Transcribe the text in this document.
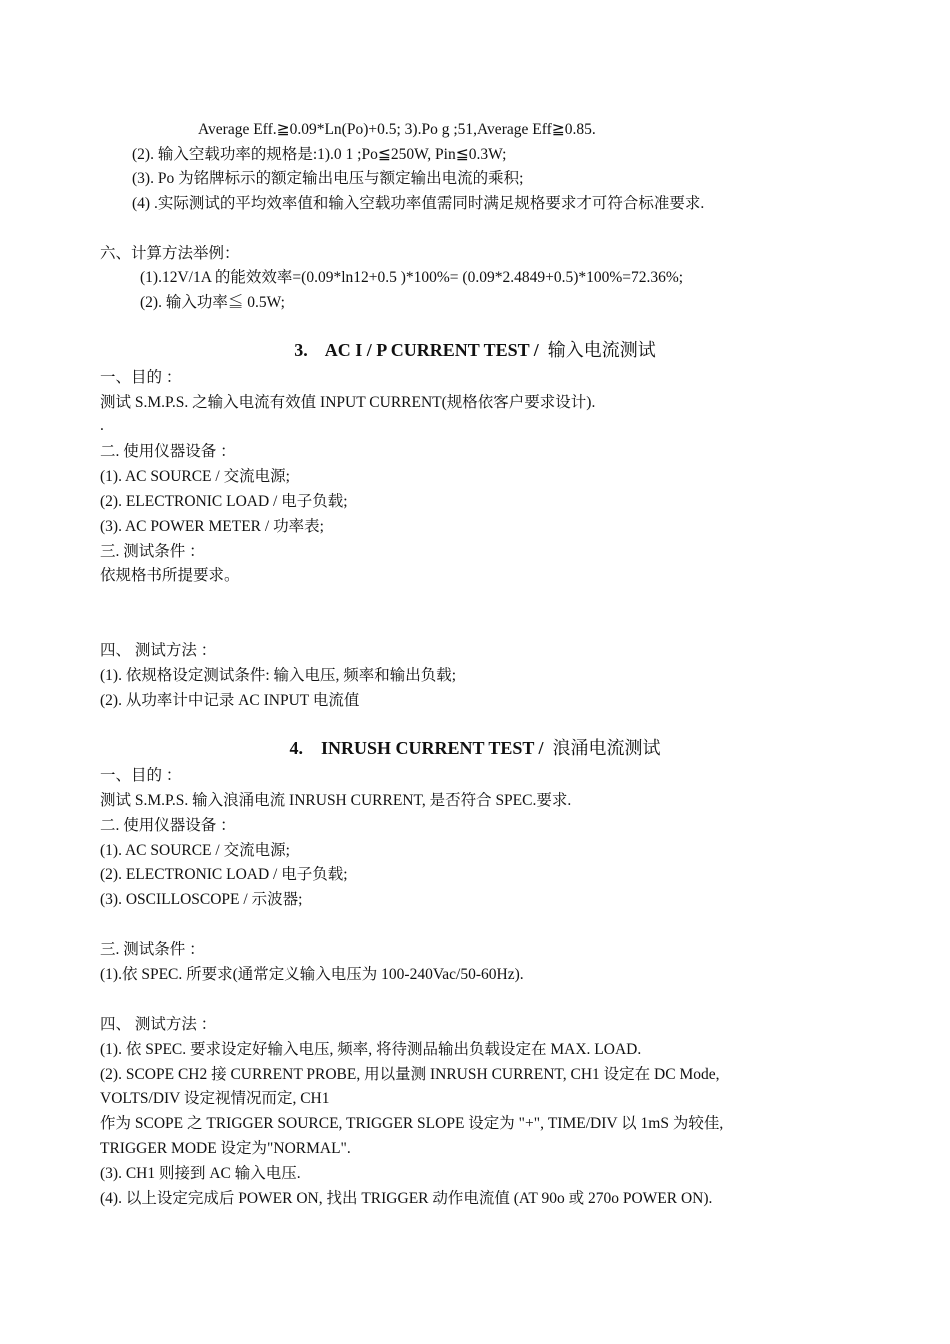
Average Eff.≧0.09*Ln(Po)+0.5; 3).Po g ;51,Average Eff≧0.85.
(2). 输入空载功率的规格是:1).0 1 ;Po≦250W, Pin≦0.3W;
(3). Po 为铭牌标示的额定输出电压与额定输出电流的乘积;
(4) .实际测试的平均效率值和输入空载功率值需同时满足规格要求才可符合标准要求.
六、计算方法举例：
(1).12V/1A 的能效效率=(0.09*ln12+0.5 )*100%= (0.09*2.4849+0.5)*100%=72.36%;
(2). 输入功率≦ 0.5W;
3. AC I / P CURRENT TEST / 输入电流测试
一、目的 ：
测试 S.M.P.S. 之输入电流有效值 INPUT CURRENT(规格依客户要求设计).
.
二. 使用仪器设备 ：
(1). AC SOURCE / 交流电源;
(2). ELECTRONIC LOAD / 电子负载;
(3). AC POWER METER / 功率表;
三. 测试条件 ：
依规格书所提要求。
四、 测试方法 ：
(1). 依规格设定测试条件: 输入电压, 频率和输出负载;
(2). 从功率计中记录 AC INPUT 电流值
4. INRUSH CURRENT TEST / 浪涌电流测试
一、目的 ：
测试 S.M.P.S. 输入浪涌电流 INRUSH CURRENT, 是否符合 SPEC.要求.
二. 使用仪器设备 ：
(1). AC SOURCE / 交流电源;
(2). ELECTRONIC LOAD / 电子负载;
(3). OSCILLOSCOPE / 示波器;
三. 测试条件 ：
(1).依 SPEC. 所要求(通常定义输入电压为 100-240Vac/50-60Hz).
四、 测试方法 ：
(1). 依 SPEC. 要求设定好输入电压, 频率, 将待测品输出负载设定在 MAX. LOAD.
(2). SCOPE CH2 接 CURRENT PROBE, 用以量测 INRUSH CURRENT, CH1 设定在 DC Mode,
VOLTS/DIV 设定视情况而定, CH1
作为 SCOPE 之 TRIGGER SOURCE, TRIGGER SLOPE 设定为 "+", TIME/DIV 以 1mS 为较佳,
TRIGGER MODE 设定为"NORMAL".
(3). CH1 则接到 AC 输入电压.
(4). 以上设定完成后 POWER ON, 找出 TRIGGER 动作电流值 (AT 90o 或 270o POWER ON).
